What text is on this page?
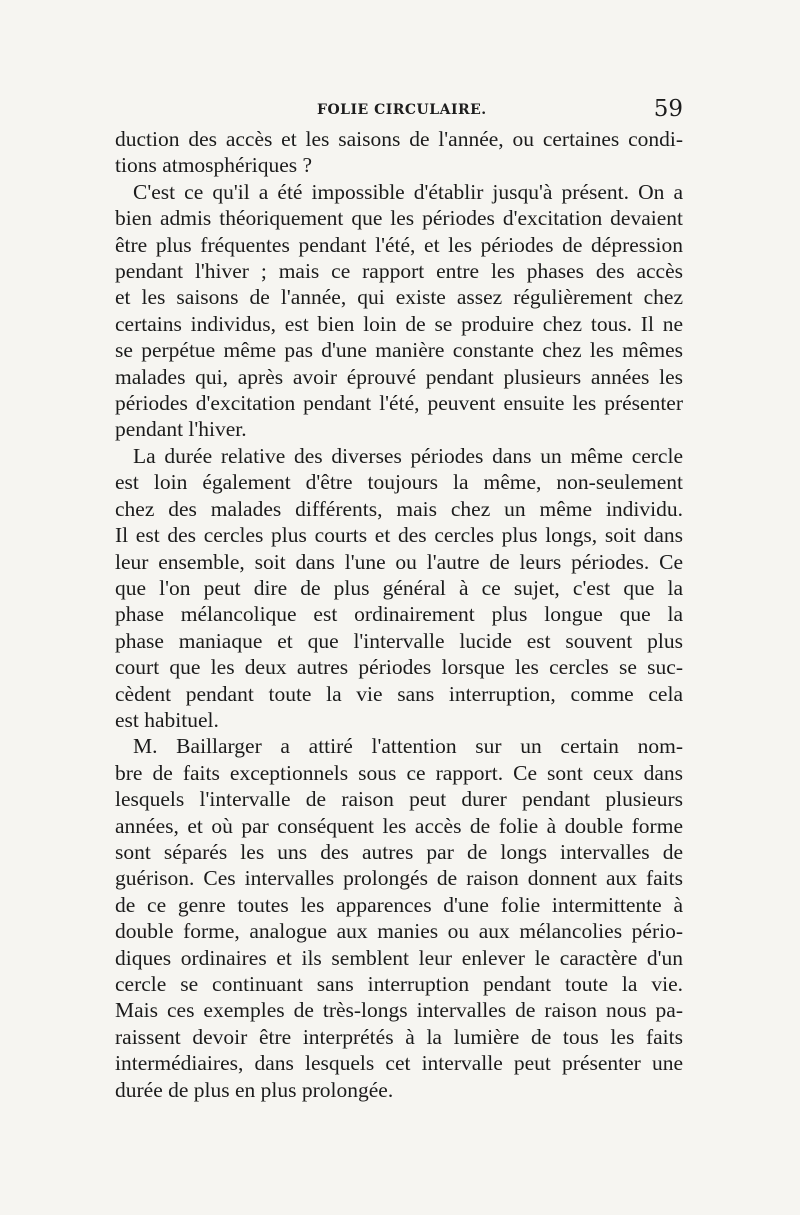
FOLIE CIRCULAIRE.	59

duction des accès et les saisons de l'année, ou certaines condi-
tions atmosphériques ?

C'est ce qu'il a été impossible d'établir jusqu'à présent. On a
bien admis théoriquement que les périodes d'excitation devaient
être plus fréquentes pendant l'été, et les périodes de dépression
pendant l'hiver ; mais ce rapport entre les phases des accès
et les saisons de l'année, qui existe assez régulièrement chez
certains individus, est bien loin de se produire chez tous. Il ne
se perpétue même pas d'une manière constante chez les mêmes
malades qui, après avoir éprouvé pendant plusieurs années les
périodes d'excitation pendant l'été, peuvent ensuite les présenter
pendant l'hiver.

La durée relative des diverses périodes dans un même cercle
est loin également d'être toujours la même, non-seulement
chez des malades différents, mais chez un même individu.
Il est des cercles plus courts et des cercles plus longs, soit dans
leur ensemble, soit dans l'une ou l'autre de leurs périodes. Ce
que l'on peut dire de plus général à ce sujet, c'est que la
phase mélancolique est ordinairement plus longue que la
phase maniaque et que l'intervalle lucide est souvent plus
court que les deux autres périodes lorsque les cercles se suc-
cèdent pendant toute la vie sans interruption, comme cela
est habituel.

M. Baillarger a attiré l'attention sur un certain nom-
bre de faits exceptionnels sous ce rapport. Ce sont ceux dans
lesquels l'intervalle de raison peut durer pendant plusieurs
années, et où par conséquent les accès de folie à double forme
sont séparés les uns des autres par de longs intervalles de
guérison. Ces intervalles prolongés de raison donnent aux faits
de ce genre toutes les apparences d'une folie intermittente à
double forme, analogue aux manies ou aux mélancolies pério-
diques ordinaires et ils semblent leur enlever le caractère d'un
cercle se continuant sans interruption pendant toute la vie.
Mais ces exemples de très-longs intervalles de raison nous pa-
raissent devoir être interprétés à la lumière de tous les faits
intermédiaires, dans lesquels cet intervalle peut présenter une
durée de plus en plus prolongée.
